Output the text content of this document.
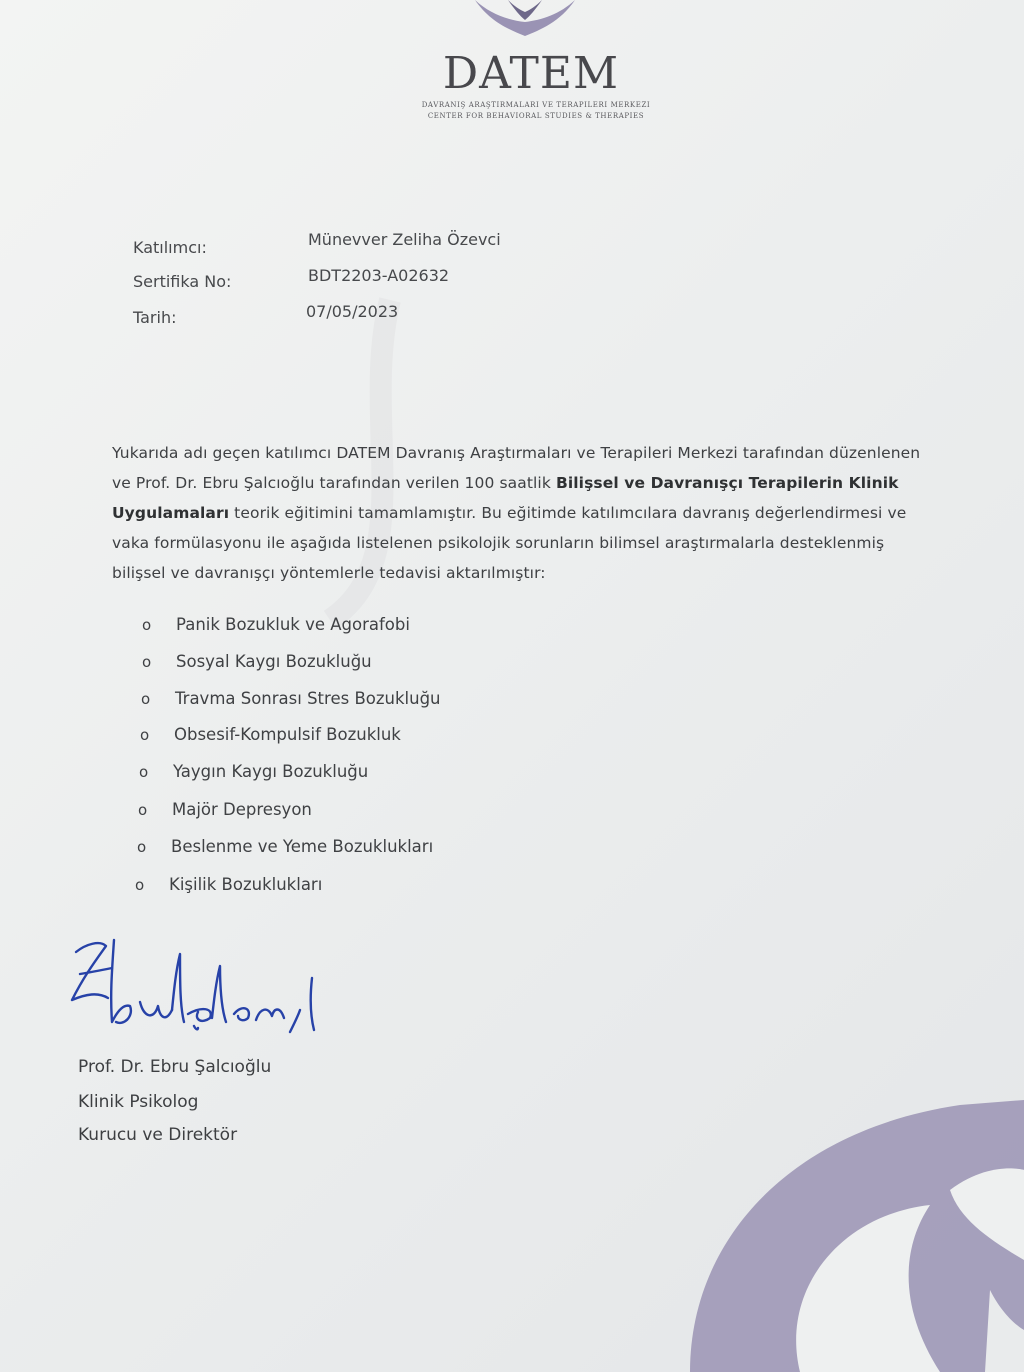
DATEM
DAVRANIŞ ARAŞTIRMALARI VE TERAPILERI MERKEZI
CENTER FOR BEHAVIORAL STUDIES & THERAPIES
Katılımcı:	Münevver Zeliha Özevci
Sertifika No:	BDT2203-A02632
Tarih:	07/05/2023
Yukarıda adı geçen katılımcı DATEM Davranış Araştırmaları ve Terapileri Merkezi tarafından düzenlenen ve Prof. Dr. Ebru Şalcıoğlu tarafından verilen 100 saatlik Bilişsel ve Davranışçı Terapilerin Klinik Uygulamaları teorik eğitimini tamamlamıştır. Bu eğitimde katılımcılara davranış değerlendirmesi ve vaka formülasyonu ile aşağıda listelenen psikolojik sorunların bilimsel araştırmalarla desteklenmiş bilişsel ve davranışçı yöntemlerle tedavisi aktarılmıştır:
o Panik Bozukluk ve Agorafobi
o Sosyal Kaygı Bozukluğu
o Travma Sonrası Stres Bozukluğu
o Obsesif-Kompulsif Bozukluk
o Yaygın Kaygı Bozukluğu
o Majör Depresyon
o Beslenme ve Yeme Bozuklukları
o Kişilik Bozuklukları
Prof. Dr. Ebru Şalcıoğlu
Klinik Psikolog
Kurucu ve Direktör
